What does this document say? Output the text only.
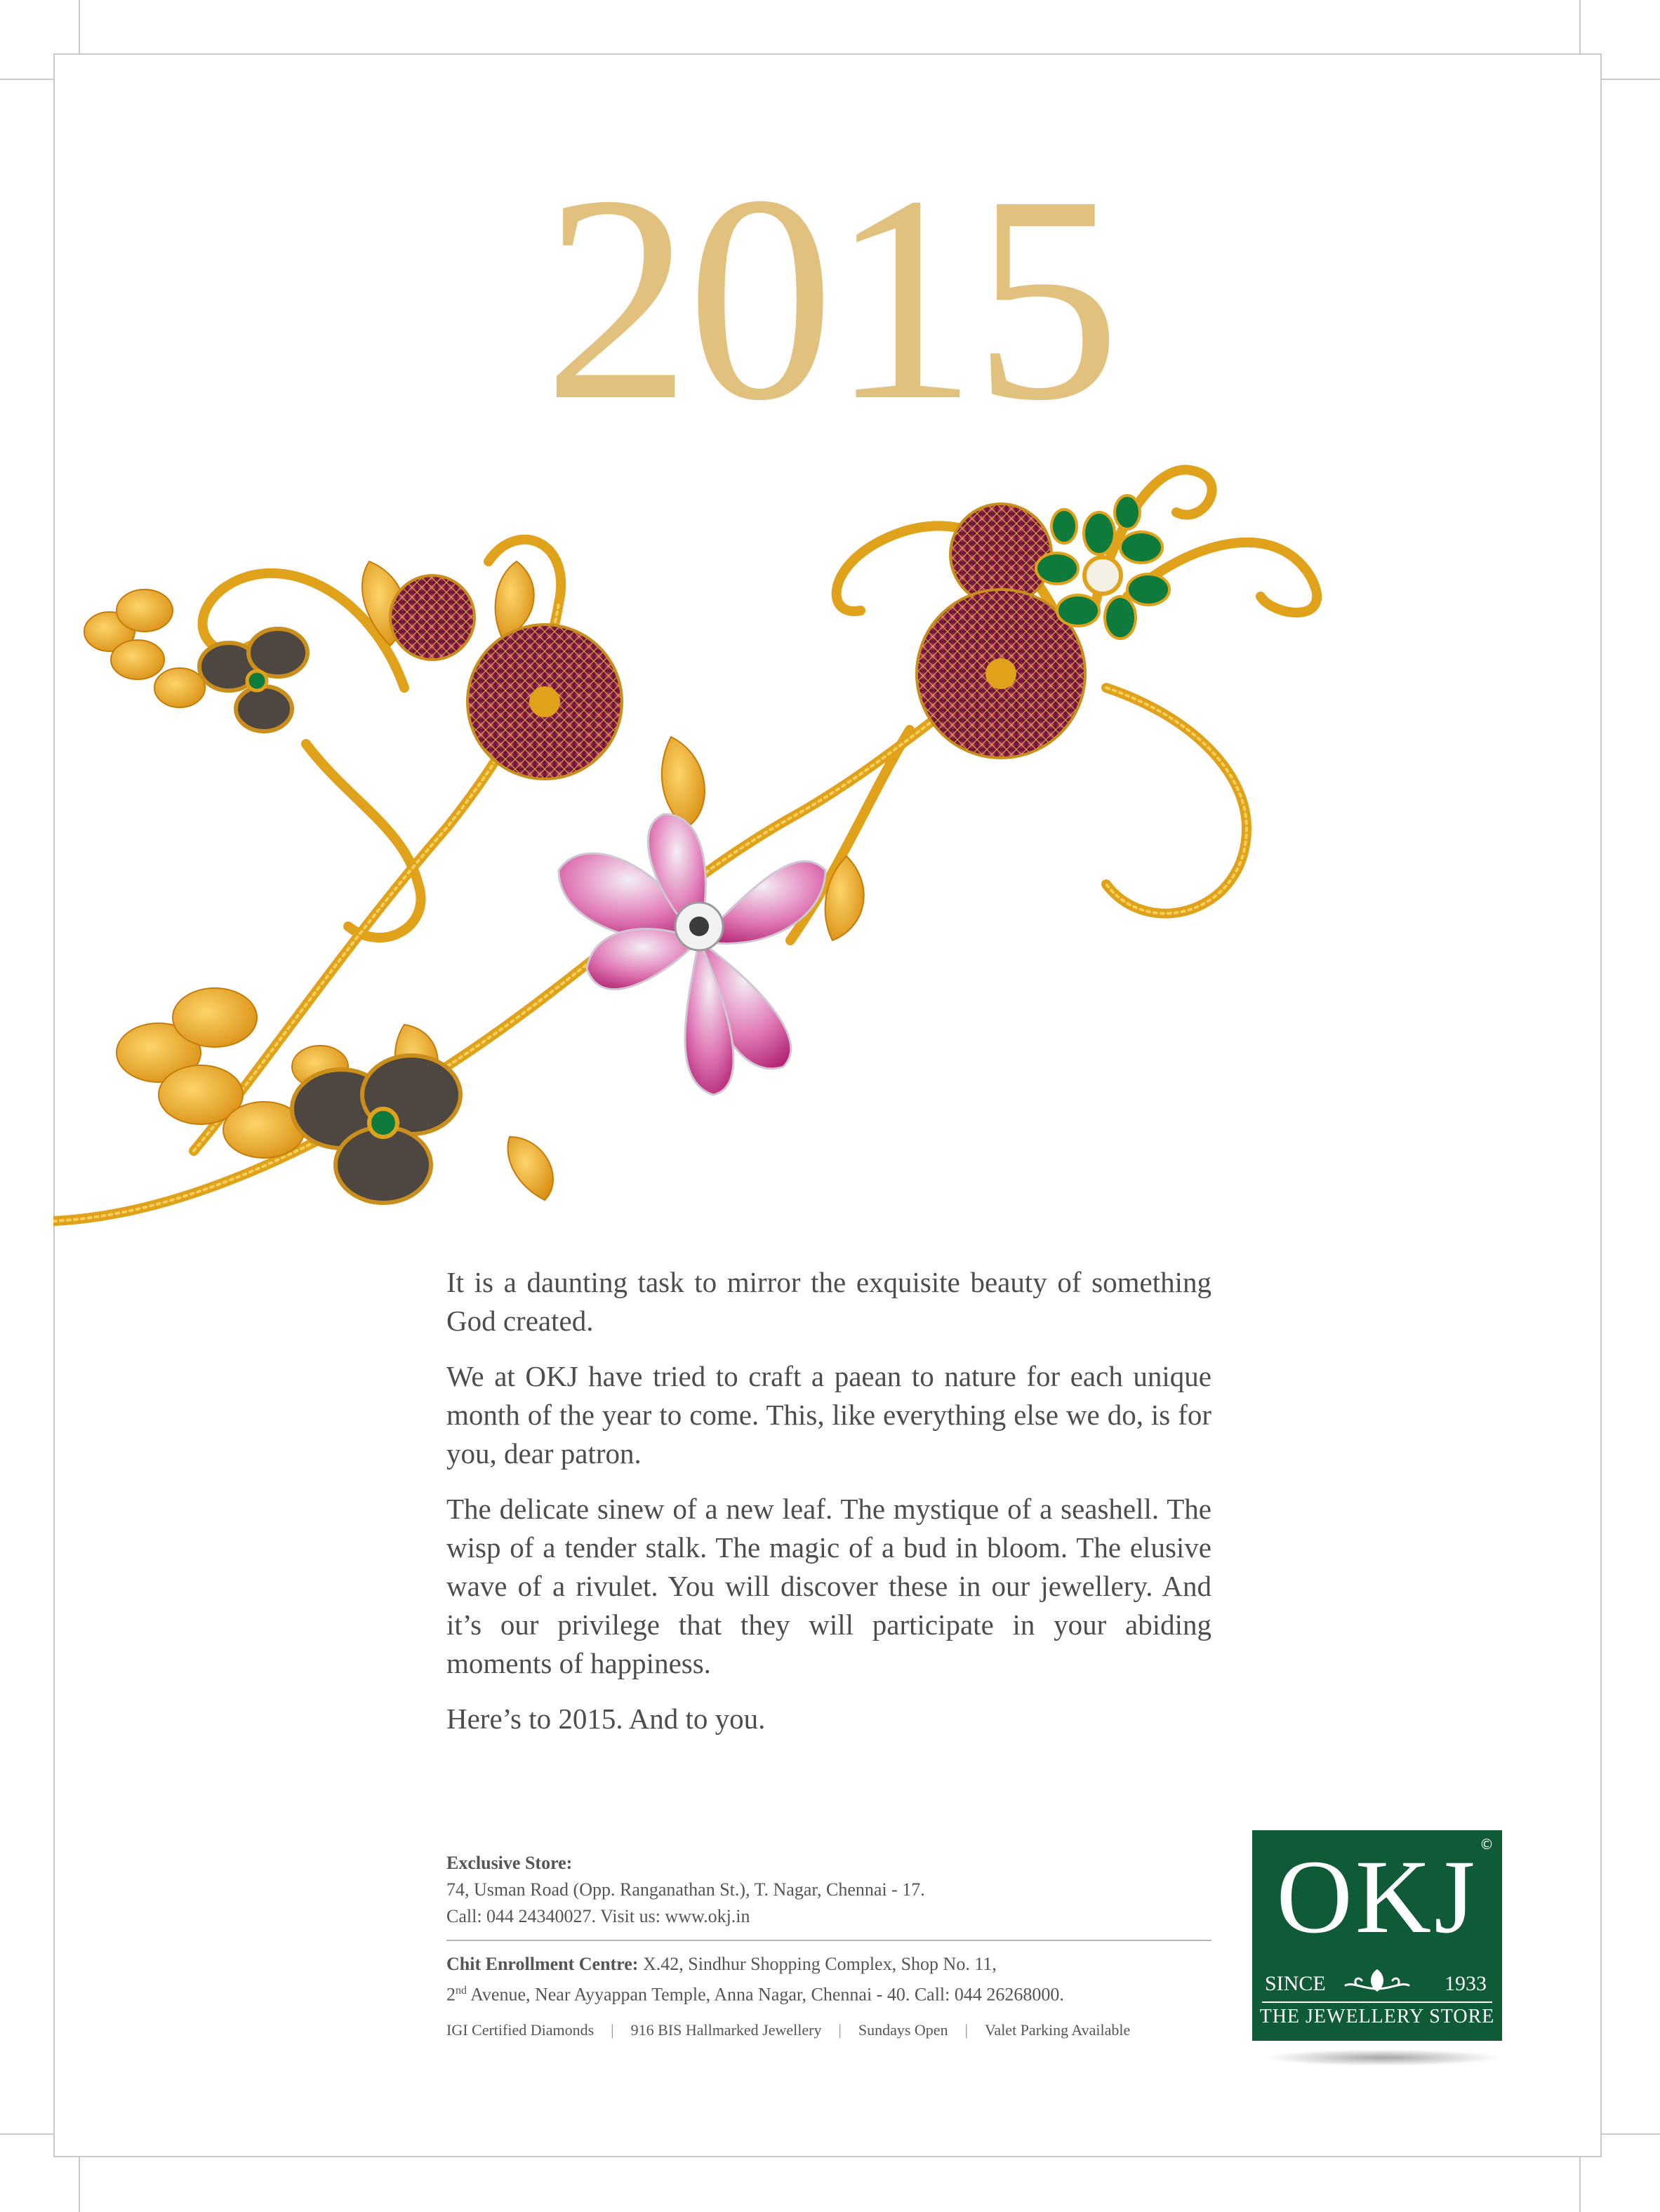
2015

It is a daunting task to mirror the exquisite beauty of something God created.

We at OKJ have tried to craft a paean to nature for each unique month of the year to come. This, like everything else we do, is for you, dear patron.

The delicate sinew of a new leaf. The mystique of a seashell. The wisp of a tender stalk. The magic of a bud in bloom. The elusive wave of a rivulet. You will discover these in our jewellery. And it’s our privilege that they will participate in your abiding moments of happiness.

Here’s to 2015. And to you.

Exclusive Store:
74, Usman Road (Opp. Ranganathan St.), T. Nagar, Chennai - 17.
Call: 044 24340027. Visit us: www.okj.in
Chit Enrollment Centre: X.42, Sindhur Shopping Complex, Shop No. 11,
2nd Avenue, Near Ayyappan Temple, Anna Nagar, Chennai - 40. Call: 044 26268000.
IGI Certified Diamonds | 916 BIS Hallmarked Jewellery | Sundays Open | Valet Parking Available
OKJ ©
SINCE	1933
THE JEWELLERY STORE
